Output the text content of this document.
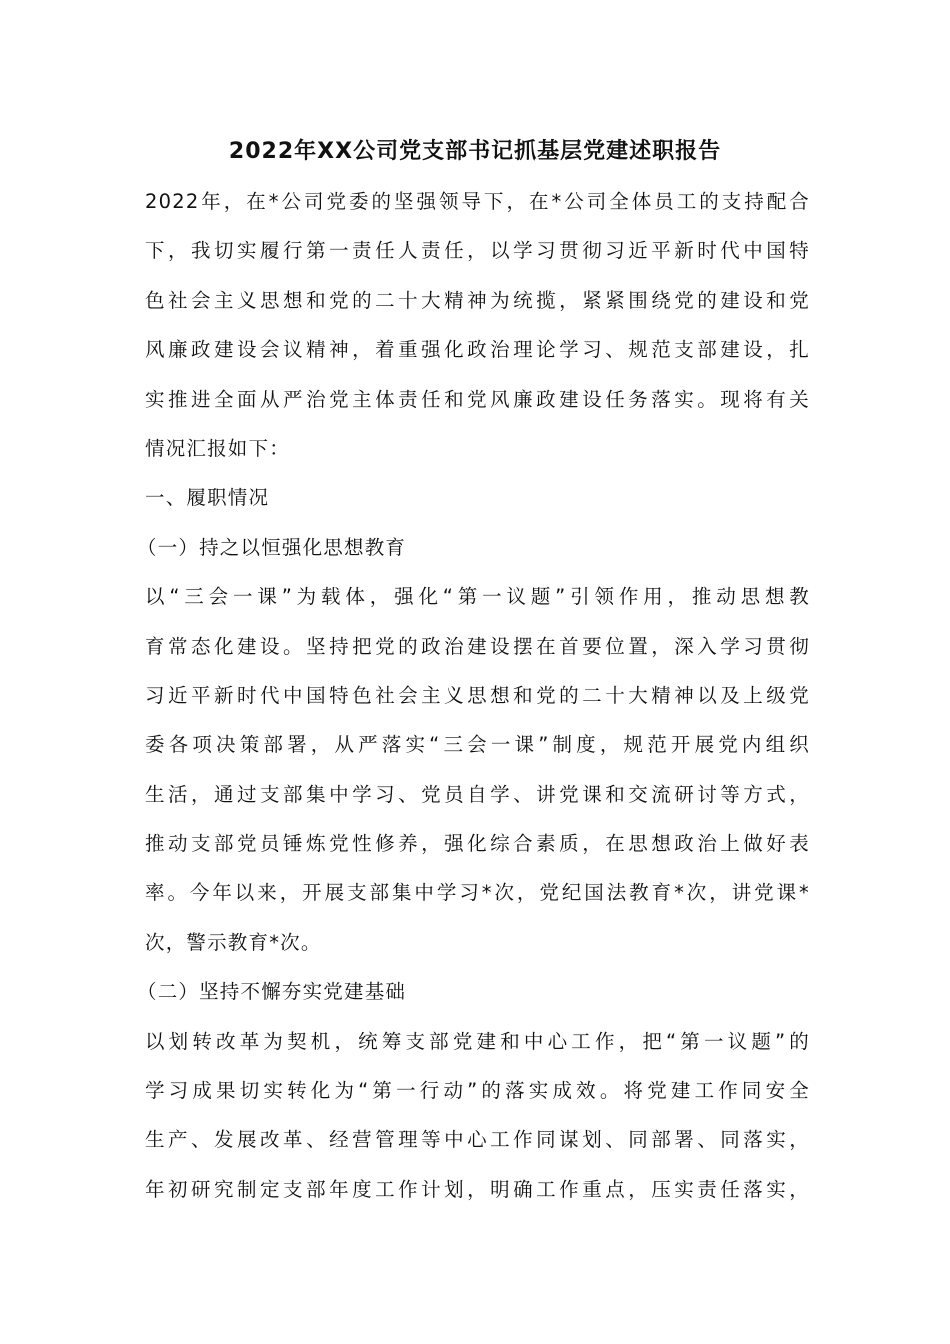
2022年XX公司党支部书记抓基层党建述职报告
2022年，在*公司党委的坚强领导下，在*公司全体员工的支持配合
下，我切实履行第一责任人责任，以学习贯彻习近平新时代中国特
色社会主义思想和党的二十大精神为统揽，紧紧围绕党的建设和党
风廉政建设会议精神，着重强化政治理论学习、规范支部建设，扎
实推进全面从严治党主体责任和党风廉政建设任务落实。现将有关
情况汇报如下：
一、履职情况
（一）持之以恒强化思想教育
以“三会一课”为载体，强化“第一议题”引领作用，推动思想教
育常态化建设。坚持把党的政治建设摆在首要位置，深入学习贯彻
习近平新时代中国特色社会主义思想和党的二十大精神以及上级党
委各项决策部署，从严落实“三会一课”制度，规范开展党内组织
生活，通过支部集中学习、党员自学、讲党课和交流研讨等方式，
推动支部党员锤炼党性修养，强化综合素质，在思想政治上做好表
率。今年以来，开展支部集中学习*次，党纪国法教育*次，讲党课*
次，警示教育*次。
（二）坚持不懈夯实党建基础
以划转改革为契机，统筹支部党建和中心工作，把“第一议题”的
学习成果切实转化为“第一行动”的落实成效。将党建工作同安全
生产、发展改革、经营管理等中心工作同谋划、同部署、同落实，
年初研究制定支部年度工作计划，明确工作重点，压实责任落实，
